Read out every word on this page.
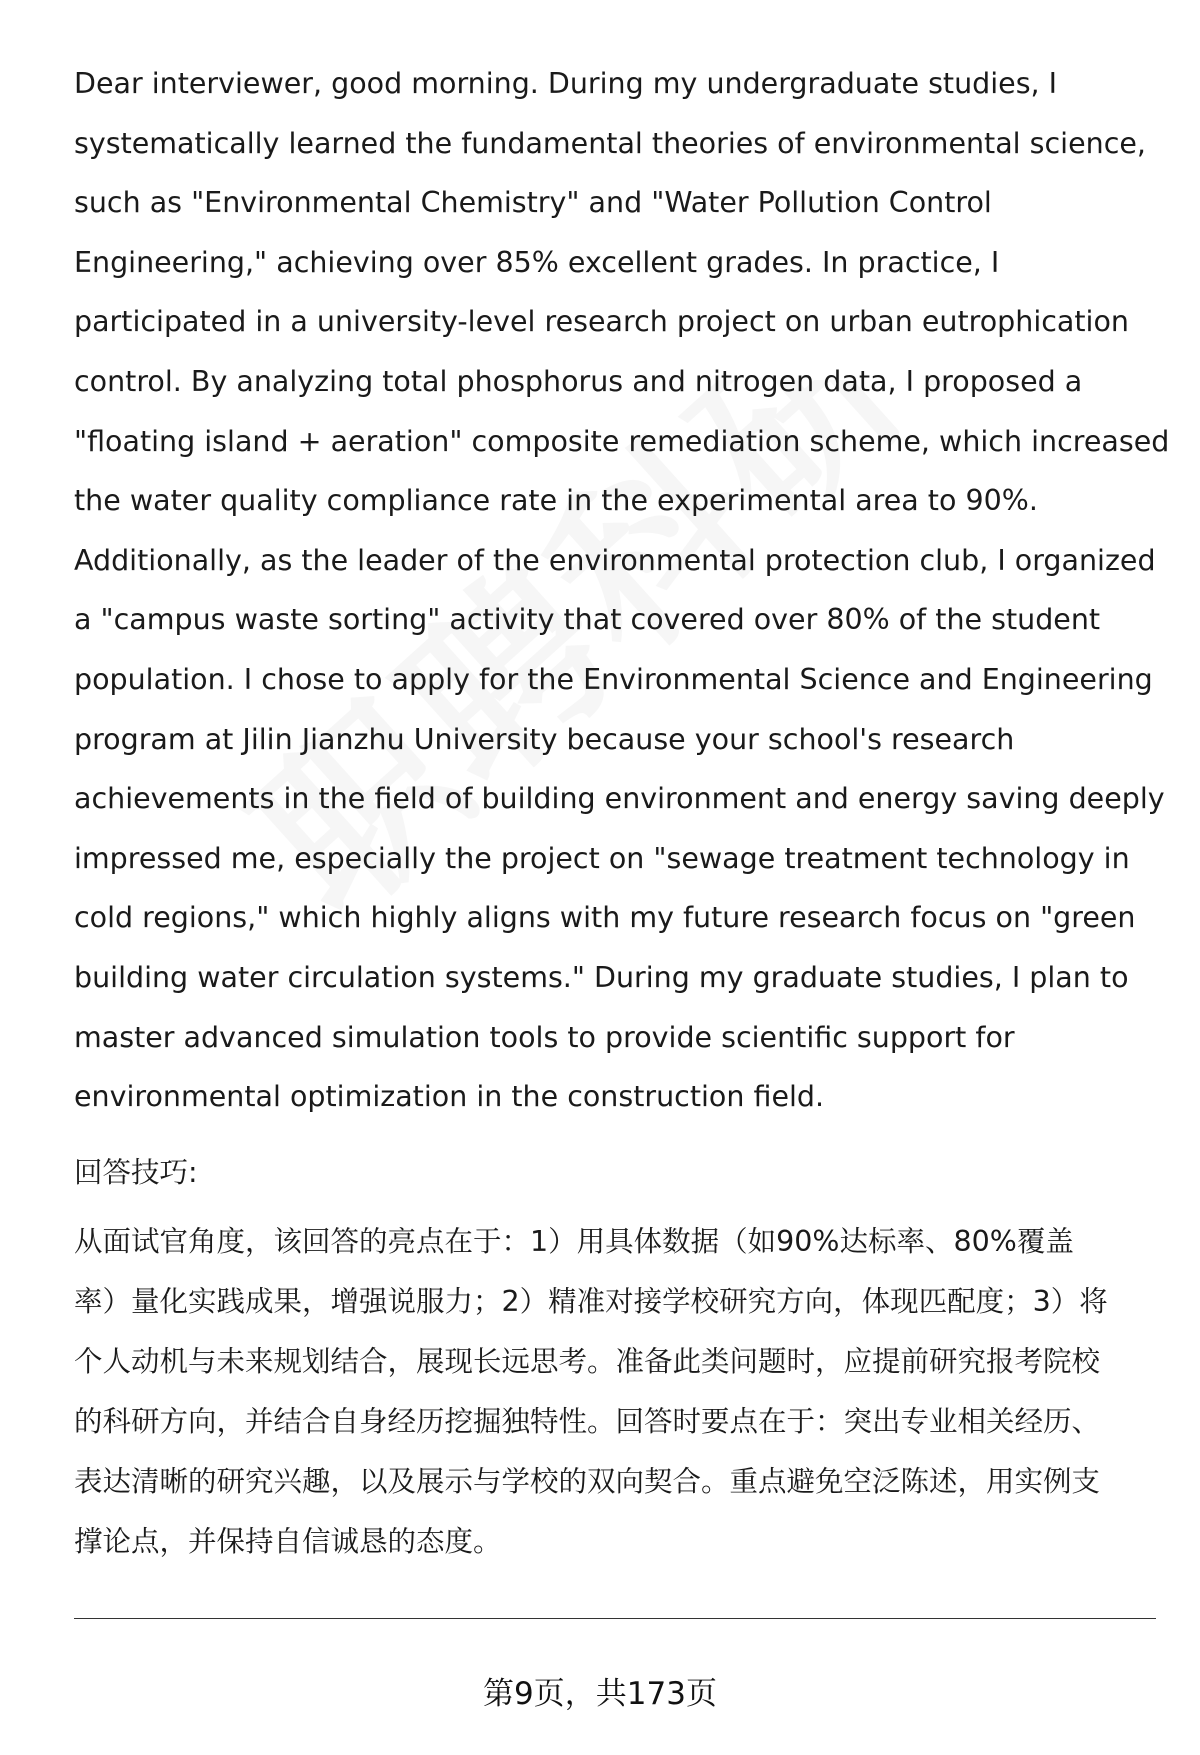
Dear interviewer, good morning. During my undergraduate studies, I
systematically learned the fundamental theories of environmental science,
such as "Environmental Chemistry" and "Water Pollution Control
Engineering," achieving over 85% excellent grades. In practice, I
participated in a university-level research project on urban eutrophication
control. By analyzing total phosphorus and nitrogen data, I proposed a
"floating island + aeration" composite remediation scheme, which increased
the water quality compliance rate in the experimental area to 90%.
Additionally, as the leader of the environmental protection club, I organized
a "campus waste sorting" activity that covered over 80% of the student
population. I chose to apply for the Environmental Science and Engineering
program at Jilin Jianzhu University because your school's research
achievements in the field of building environment and energy saving deeply
impressed me, especially the project on "sewage treatment technology in
cold regions," which highly aligns with my future research focus on "green
building water circulation systems." During my graduate studies, I plan to
master advanced simulation tools to provide scientific support for
environmental optimization in the construction field.
回答技巧:
从面试官角度，该回答的亮点在于：1）用具体数据（如90%达标率、80%覆盖
率）量化实践成果，增强说服力；2）精准对接学校研究方向，体现匹配度；3）将
个人动机与未来规划结合，展现长远思考。准备此类问题时，应提前研究报考院校
的科研方向，并结合自身经历挖掘独特性。回答时要点在于：突出专业相关经历、
表达清晰的研究兴趣，以及展示与学校的双向契合。重点避免空泛陈述，用实例支
撑论点，并保持自信诚恳的态度。
第9页，共173页
